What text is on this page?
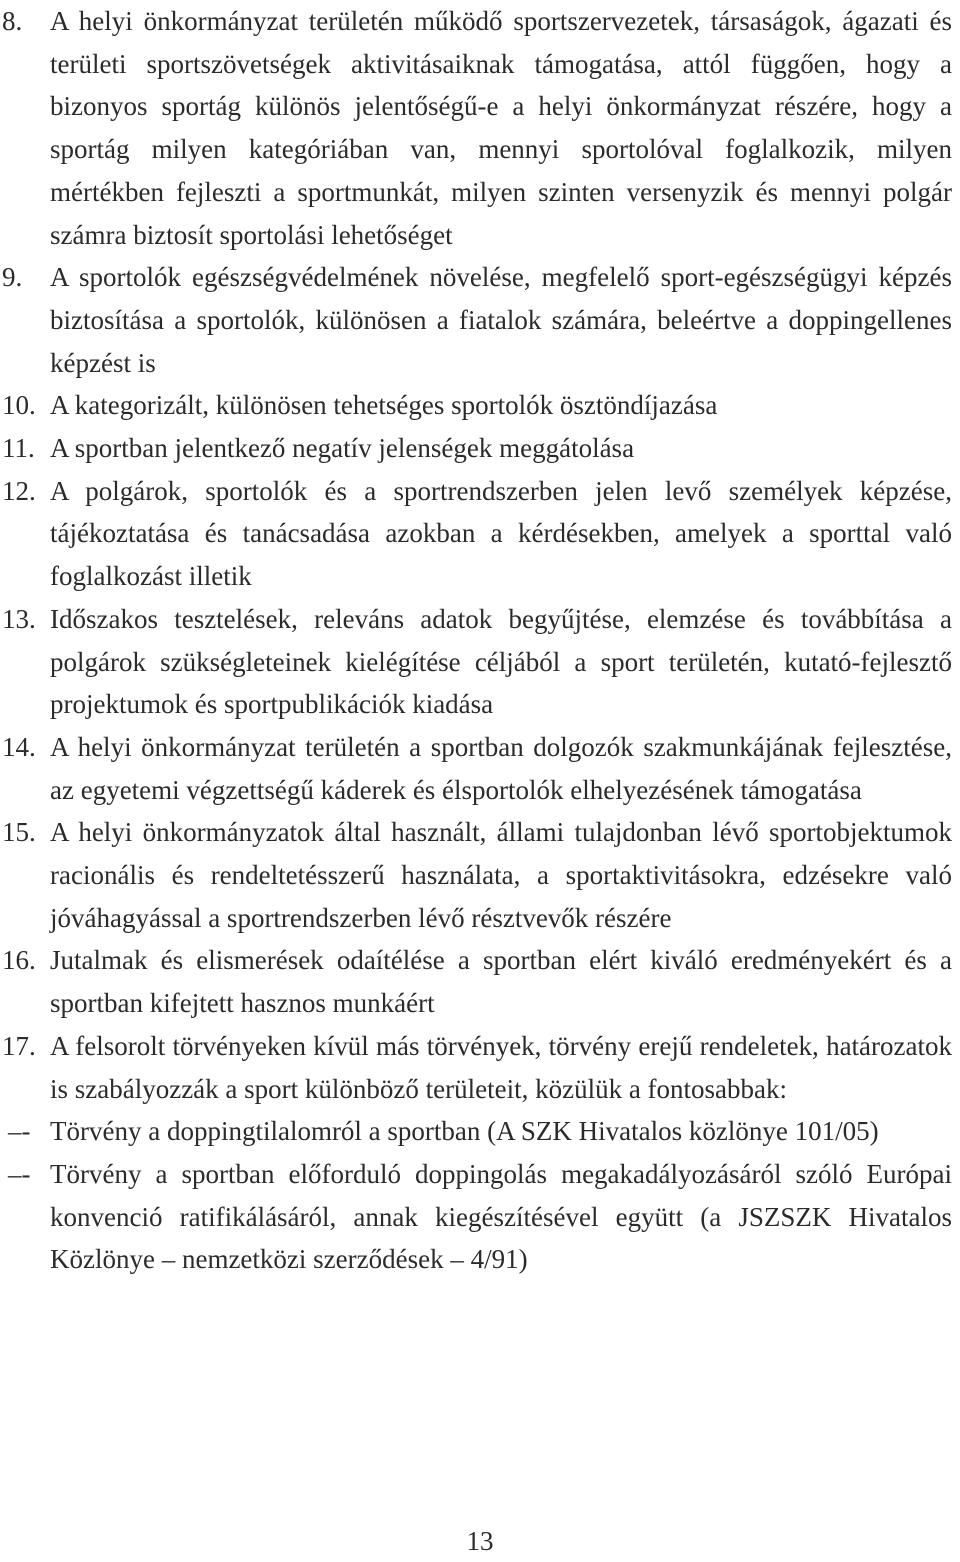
8.	A helyi önkormányzat területén működő sportszervezetek, társaságok, ágazati és területi sportszövetségek aktivitásaiknak támogatása, attól függően, hogy a bizonyos sportág különös jelentőségű-e a helyi önkormányzat részére, hogy a sportág milyen kategóriában van, mennyi sportolóval foglalkozik, milyen mértékben fejleszti a sportmunkát, milyen szinten versenyzik és mennyi polgár számra biztosít sportolási lehetőséget
9.	A sportolók egészségvédelmének növelése, megfelelő sport-egészségügyi képzés biztosítása a sportolók, különösen a fiatalok számára, beleértve a doppingellenes képzést is
10. A kategorizált, különösen tehetséges sportolók ösztöndíjazása
11. A sportban jelentkező negatív jelenségek meggátolása
12. A polgárok, sportolók és a sportrendszerben jelen levő személyek képzése, tájékoztatása és tanácsadása azokban a kérdésekben, amelyek a sporttal való foglalkozást illetik
13. Időszakos tesztelések, releváns adatok begyűjtése, elemzése és továbbítása a polgárok szükségleteinek kielégítése céljából a sport területén, kutató-fejlesztő projektumok és sportpublikációk kiadása
14. A helyi önkormányzat területén a sportban dolgozók szakmunkájának fejlesztése, az egyetemi végzettségű káderek és élsportolók elhelyezésének támogatása
15. A helyi önkormányzatok által használt, állami tulajdonban lévő sportobjektumok racionális és rendeltetésszerű használata, a sportaktivitásokra, edzésekre való jóváhagyással a sportrendszerben lévő résztvevők részére
16. Jutalmak és elismerések odaítélése a sportban elért kiváló eredményekért és a sportban kifejtett hasznos munkáért
17. A felsorolt törvényeken kívül más törvények, törvény erejű rendeletek, határozatok is szabályozzák a sport különböző területeit, közülük a fontosabbak:
–- Törvény a doppingtilalomról a sportban (A SZK Hivatalos közlönye 101/05)
–- Törvény a sportban előforduló doppingolás megakadályozásáról szóló Európai konvenció ratifikálásáról, annak kiegészítésével együtt (a JSZSZK Hivatalos Közlönye – nemzetközi szerződések – 4/91)
13
